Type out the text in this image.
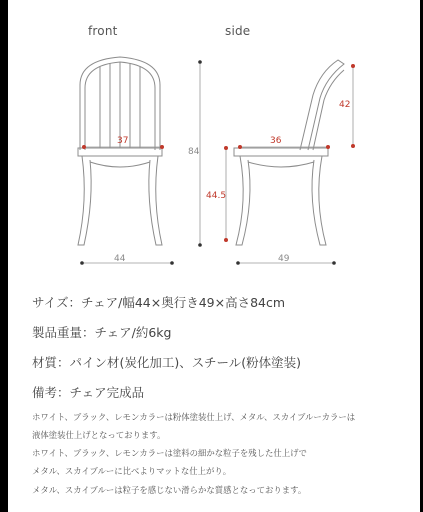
front	side
37
44
84
42
36
44.5
49
サイズ：チェア/幅44×奥行き49×高さ84cm
製品重量：チェア/約6kg
材質：パイン材(炭化加工)、スチール(粉体塗装)
備考：チェア完成品
ホワイト、ブラック、レモンカラーは粉体塗装仕上げ、メタル、スカイブルーカラーは
液体塗装仕上げとなっております。
ホワイト、ブラック、レモンカラーは塗料の細かな粒子を残した仕上げで
メタル、スカイブルーに比べよりマットな仕上がり。
メタル、スカイブルーは粒子を感じない滑らかな質感となっております。
